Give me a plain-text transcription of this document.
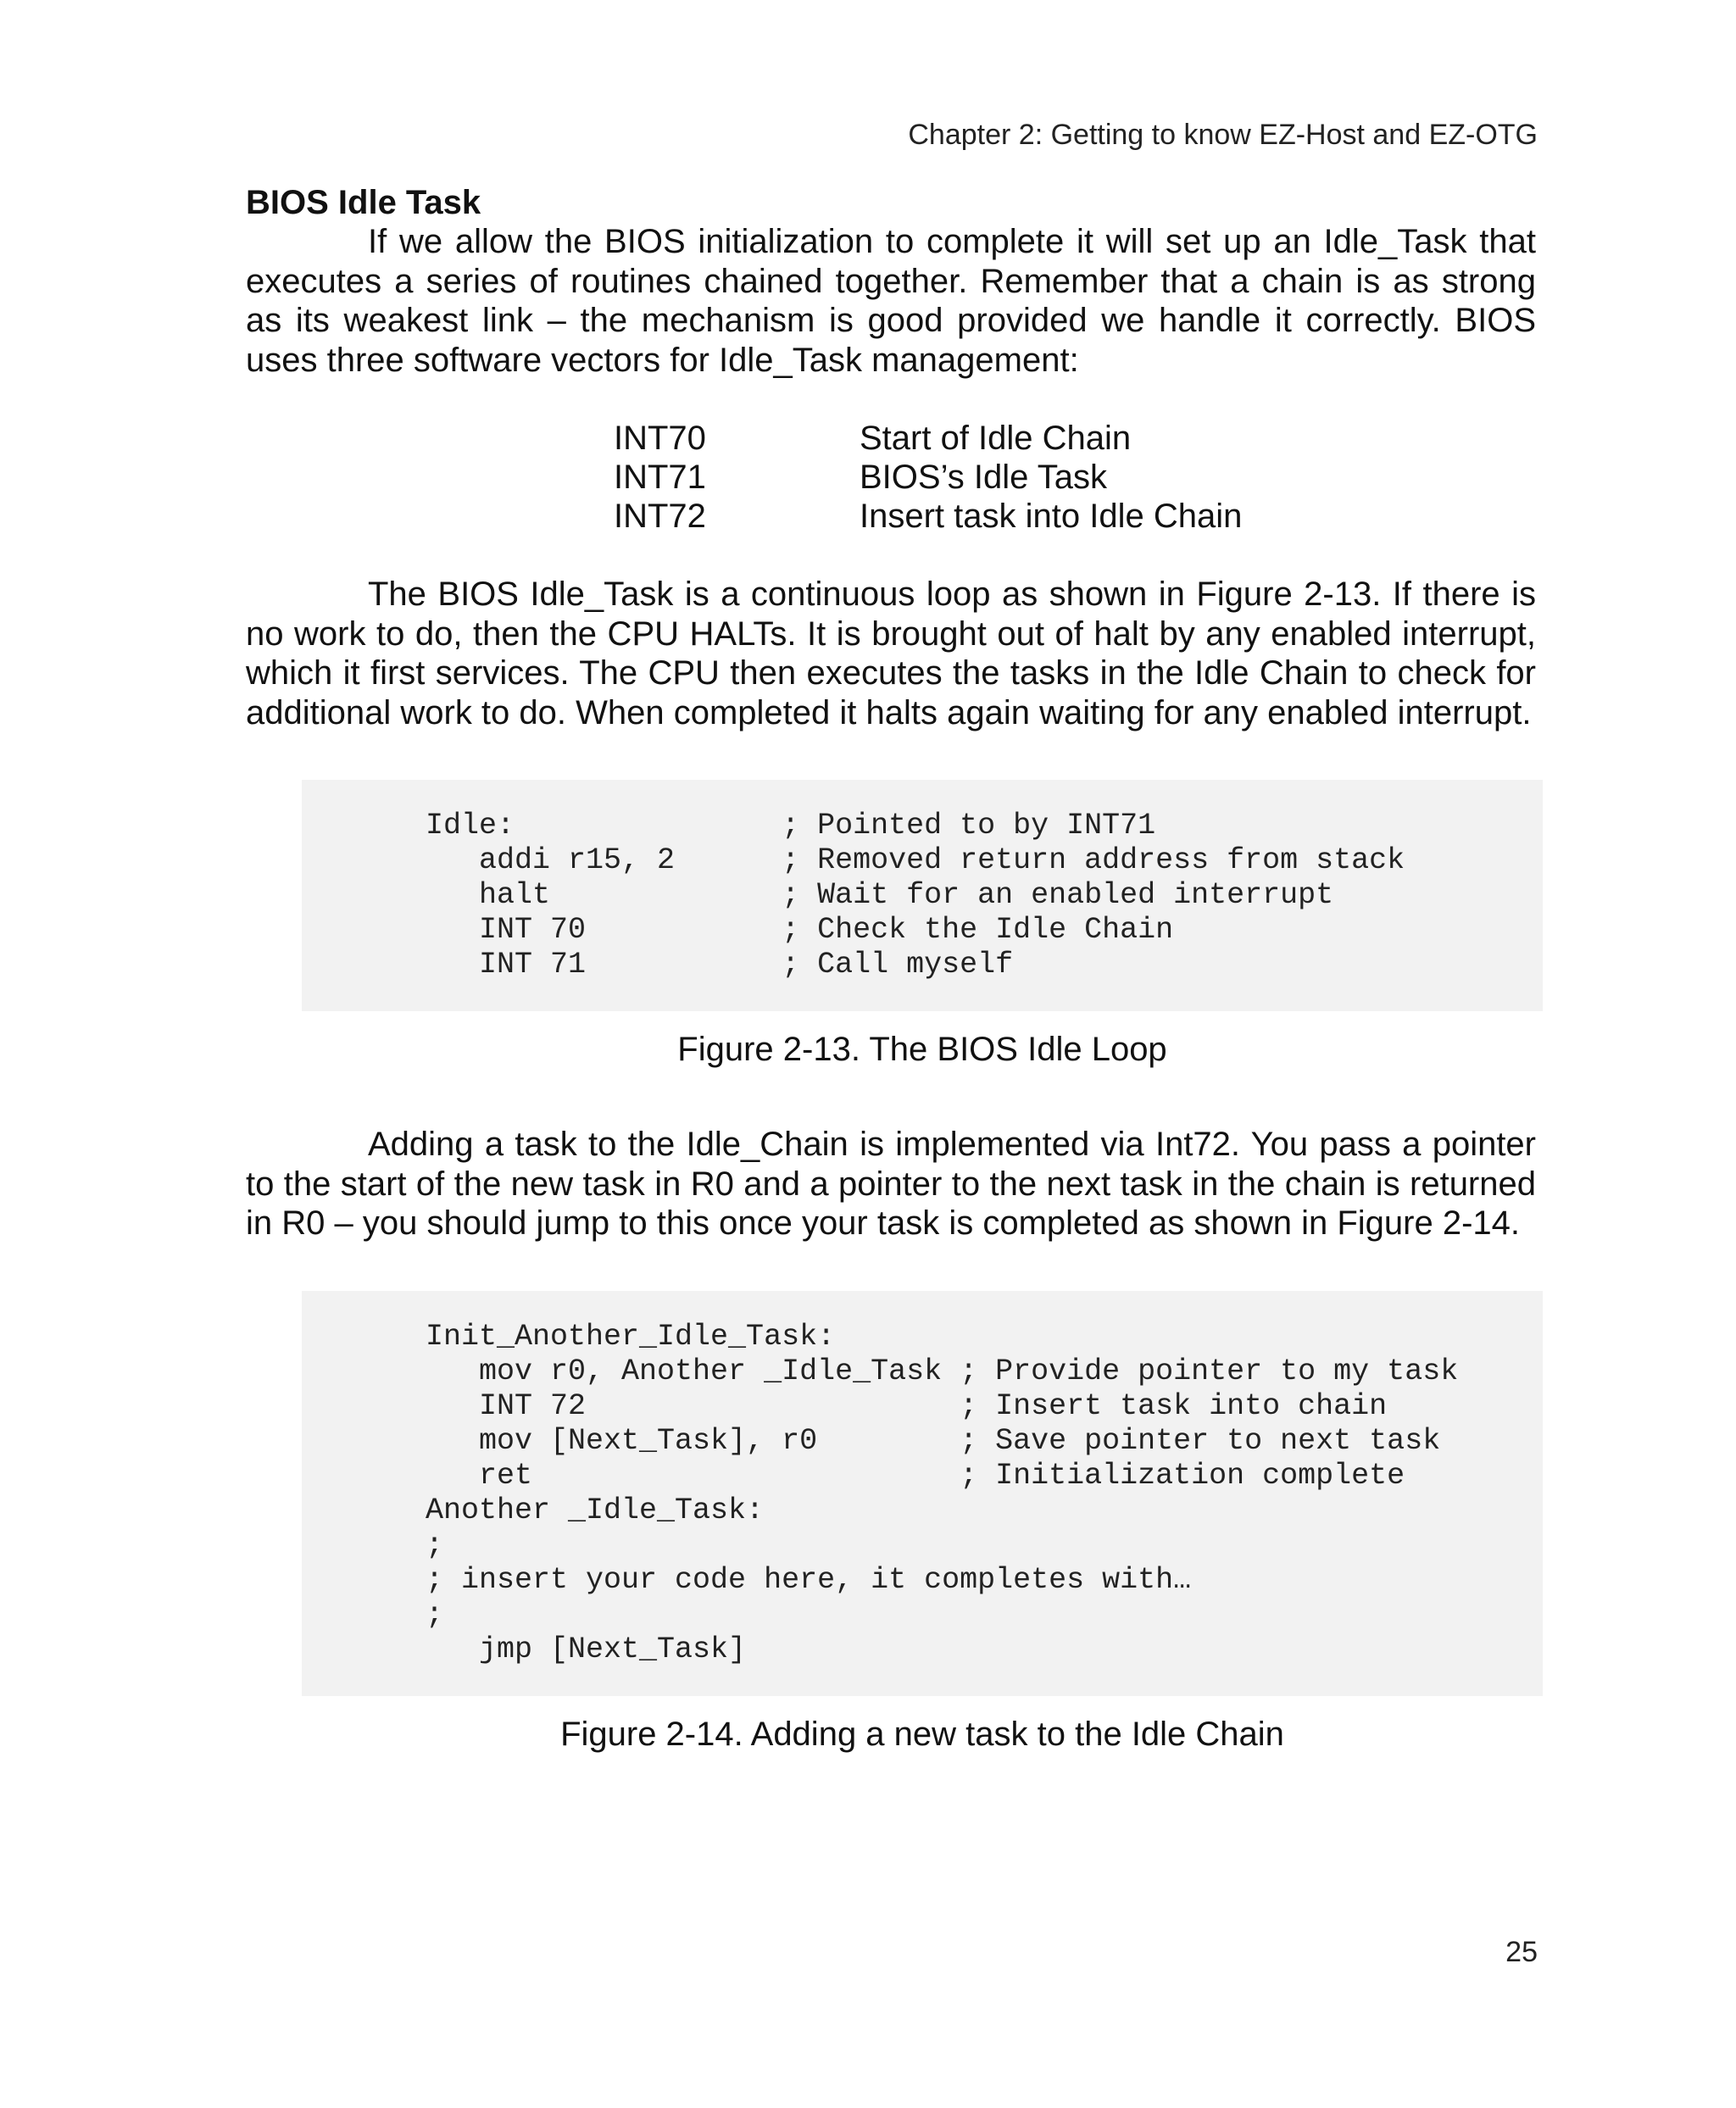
Chapter 2: Getting to know EZ-Host and EZ-OTG
BIOS Idle Task

If we allow the BIOS initialization to complete it will set up an Idle_Task that executes a series of routines chained together. Remember that a chain is as strong as its weakest link – the mechanism is good provided we handle it correctly. BIOS uses three software vectors for Idle_Task management:

INT70	Start of Idle Chain
INT71	BIOS’s Idle Task
INT72	Insert task into Idle Chain

The BIOS Idle_Task is a continuous loop as shown in Figure 2-13. If there is no work to do, then the CPU HALTs. It is brought out of halt by any enabled interrupt, which it first services. The CPU then executes the tasks in the Idle Chain to check for additional work to do. When completed it halts again waiting for any enabled interrupt.

Idle:               ; Pointed to by INT71
addi r15, 2      ; Removed return address from stack
halt             ; Wait for an enabled interrupt
INT 70           ; Check the Idle Chain
INT 71           ; Call myself
Figure 2-13. The BIOS Idle Loop

Adding a task to the Idle_Chain is implemented via Int72. You pass a pointer to the start of the new task in R0 and a pointer to the next task in the chain is returned in R0 – you should jump to this once your task is completed as shown in Figure 2-14.

Init_Another_Idle_Task:
mov r0, Another _Idle_Task ; Provide pointer to my task
INT 72                     ; Insert task into chain
mov [Next_Task], r0        ; Save pointer to next task
ret                        ; Initialization complete
Another _Idle_Task:
;
; insert your code here, it completes with…
;
jmp [Next_Task]
Figure 2-14. Adding a new task to the Idle Chain
25
